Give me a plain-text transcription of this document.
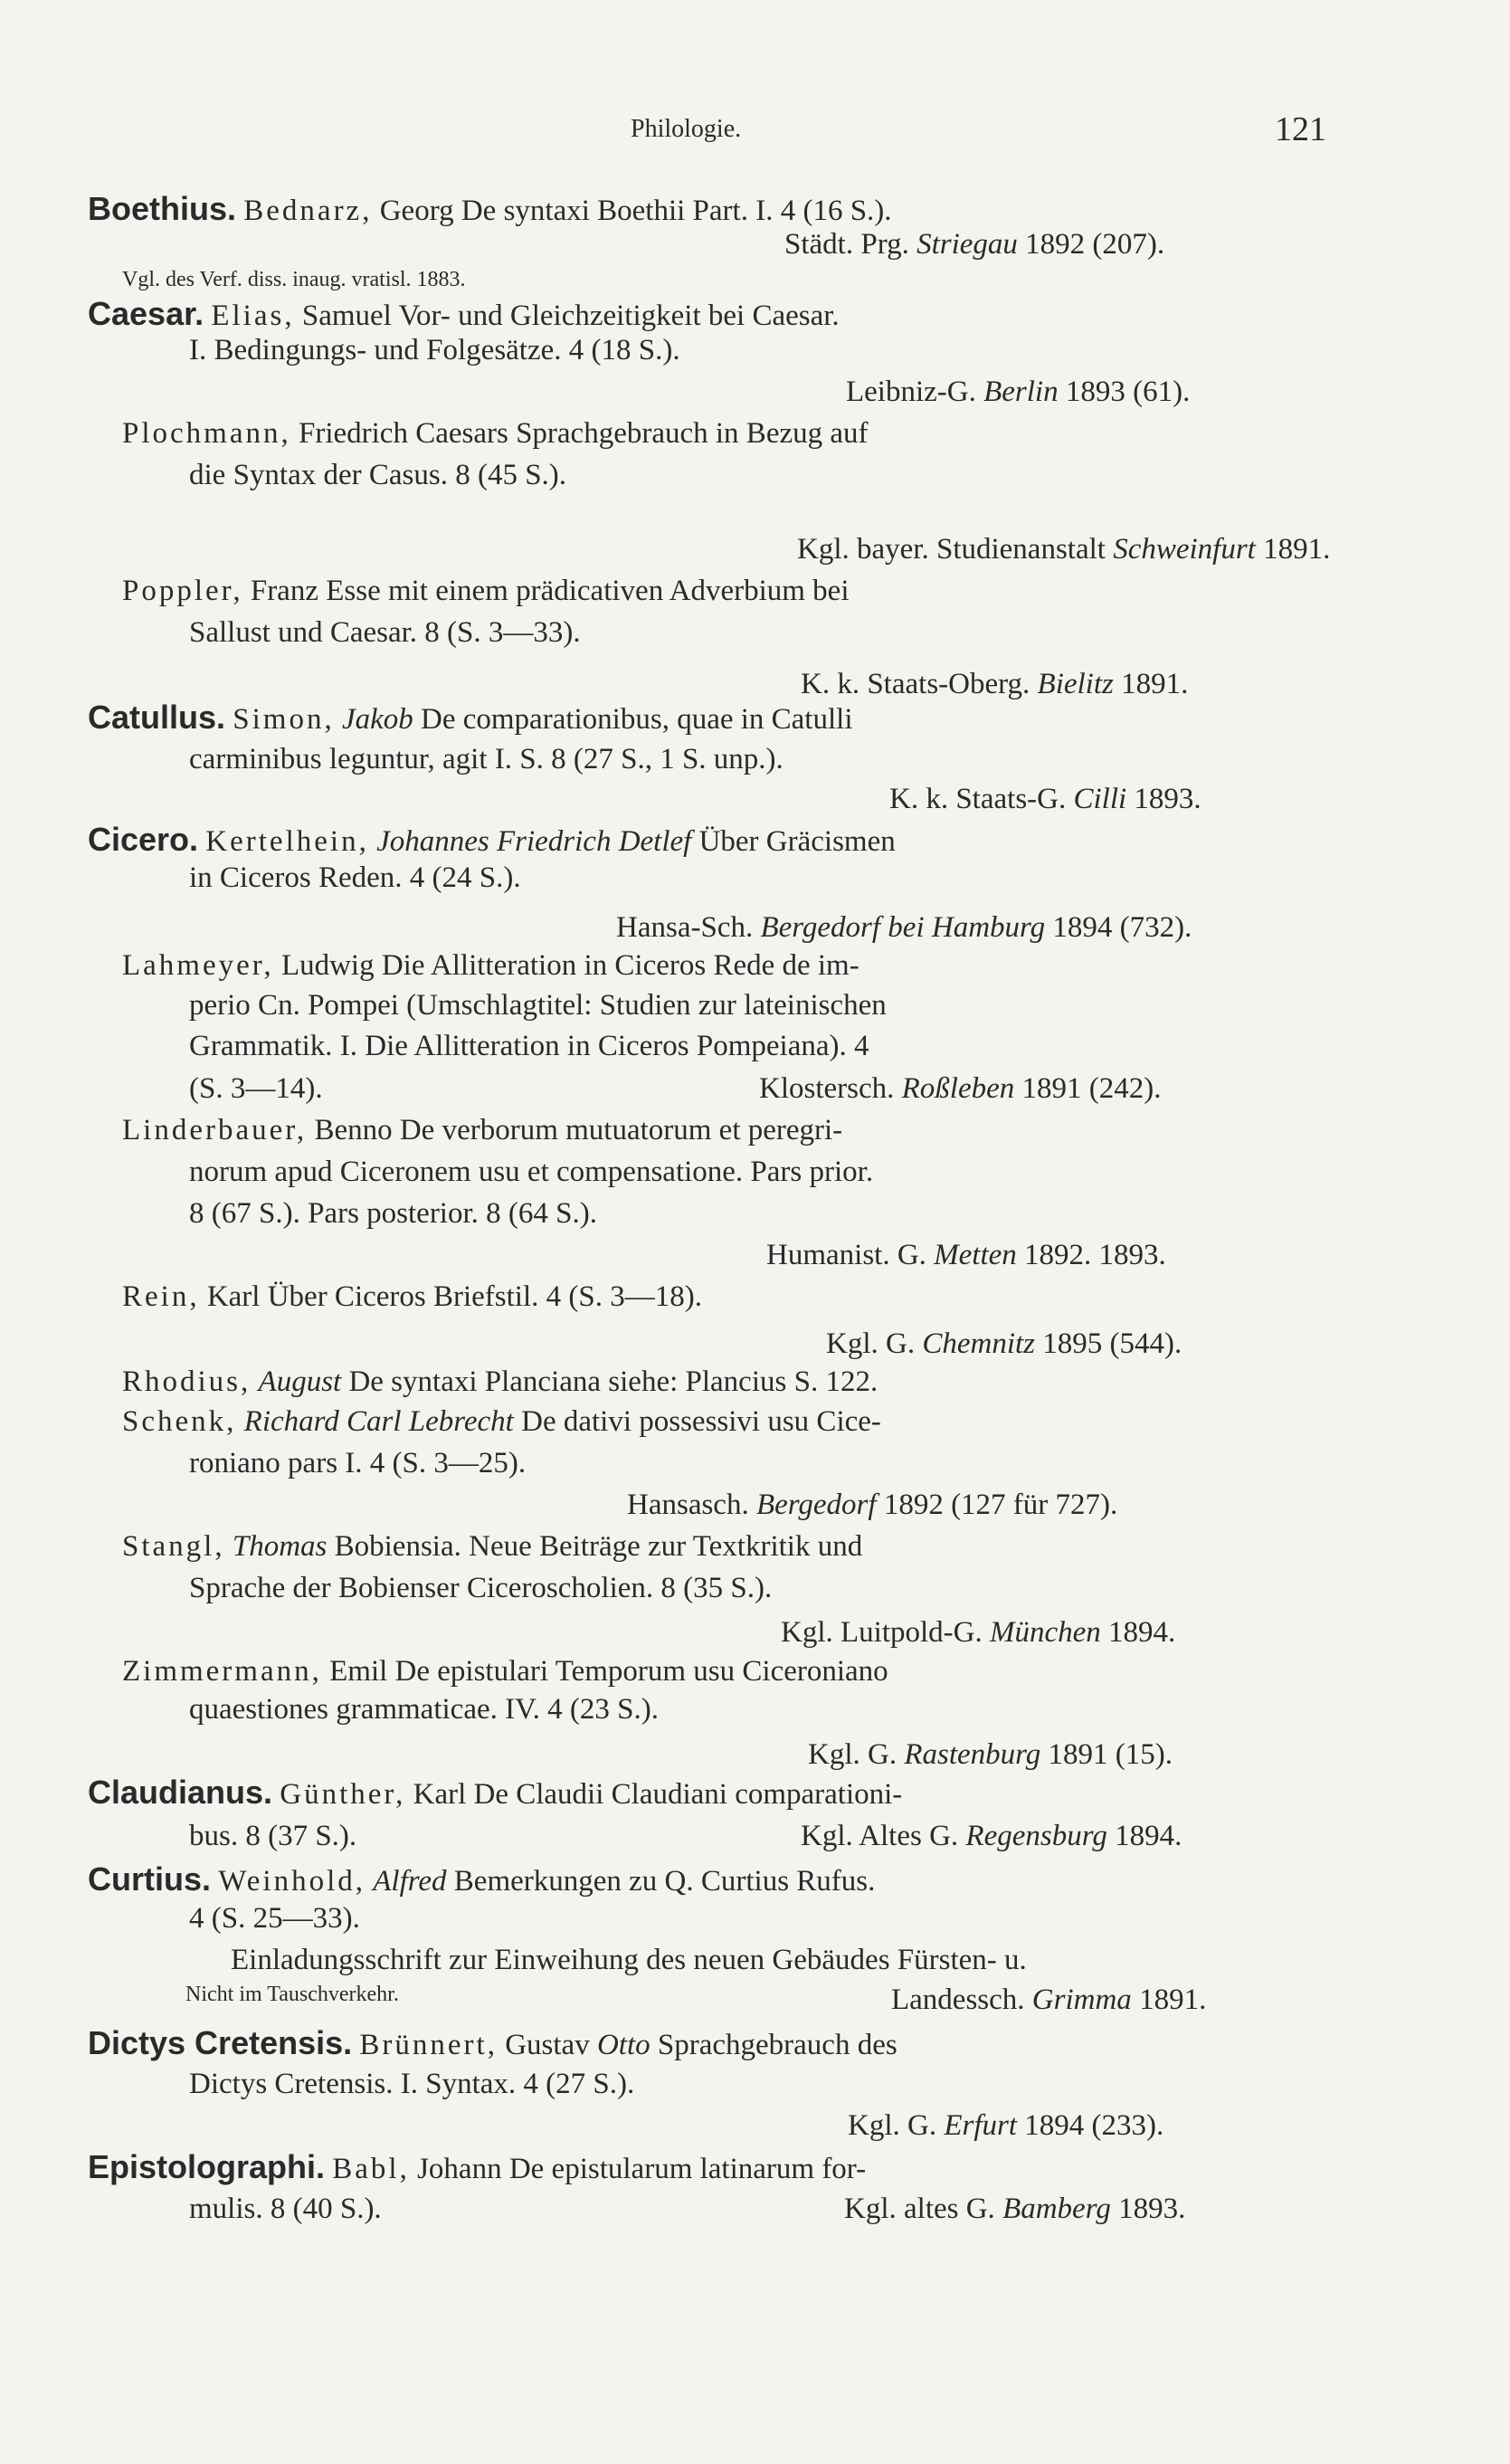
Philologie.	121
Boethius. Bednarz, Georg De syntaxi Boethii Part. I. 4 (16 S.).
Städt. Prg. Striegau 1892 (207).
Vgl. des Verf. diss. inaug. vratisl. 1883.
Caesar. Elias, Samuel Vor- und Gleichzeitigkeit bei Caesar.
I. Bedingungs- und Folgesätze. 4 (18 S.).
Leibniz-G. Berlin 1893 (61).
Plochmann, Friedrich Caesars Sprachgebrauch in Bezug auf
die Syntax der Casus. 8 (45 S.).
Kgl. bayer. Studienanstalt Schweinfurt 1891.
Poppler, Franz Esse mit einem prädicativen Adverbium bei
Sallust und Caesar. 8 (S. 3—33).
K. k. Staats-Oberg. Bielitz 1891.
Catullus. Simon, Jakob De comparationibus, quae in Catulli
carminibus leguntur, agit I. S. 8 (27 S., 1 S. unp.).
K. k. Staats-G. Cilli 1893.
Cicero. Kertelhein, Johannes Friedrich Detlef Über Gräcismen
in Ciceros Reden. 4 (24 S.).
Hansa-Sch. Bergedorf bei Hamburg 1894 (732).
Lahmeyer, Ludwig Die Allitteration in Ciceros Rede de im-
perio Cn. Pompei (Umschlagtitel: Studien zur lateinischen
Grammatik. I. Die Allitteration in Ciceros Pompeiana). 4
(S. 3—14).	Klostersch. Roßleben 1891 (242).
Linderbauer, Benno De verborum mutuatorum et peregri-
norum apud Ciceronem usu et compensatione. Pars prior.
8 (67 S.). Pars posterior. 8 (64 S.).
Humanist. G. Metten 1892. 1893.
Rein, Karl Über Ciceros Briefstil. 4 (S. 3—18).
Kgl. G. Chemnitz 1895 (544).
Rhodius, August De syntaxi Planciana siehe: Plancius S. 122.
Schenk, Richard Carl Lebrecht De dativi possessivi usu Cice-
roniano pars I. 4 (S. 3—25).
Hansasch. Bergedorf 1892 (127 für 727).
Stangl, Thomas Bobiensia. Neue Beiträge zur Textkritik und
Sprache der Bobienser Ciceroscholien. 8 (35 S.).
Kgl. Luitpold-G. München 1894.
Zimmermann, Emil De epistulari Temporum usu Ciceroniano
quaestiones grammaticae. IV. 4 (23 S.).
Kgl. G. Rastenburg 1891 (15).
Claudianus. Günther, Karl De Claudii Claudiani comparationi-
bus. 8 (37 S.).	Kgl. Altes G. Regensburg 1894.
Curtius. Weinhold, Alfred Bemerkungen zu Q. Curtius Rufus.
4 (S. 25—33).
Einladungsschrift zur Einweihung des neuen Gebäudes Fürsten- u.
Nicht im Tauschverkehr.	Landessch. Grimma 1891.
Dictys Cretensis. Brünnert, Gustav Otto Sprachgebrauch des
Dictys Cretensis. I. Syntax. 4 (27 S.).
Kgl. G. Erfurt 1894 (233).
Epistolographi. Babl, Johann De epistularum latinarum for-
mulis. 8 (40 S.).	Kgl. altes G. Bamberg 1893.
